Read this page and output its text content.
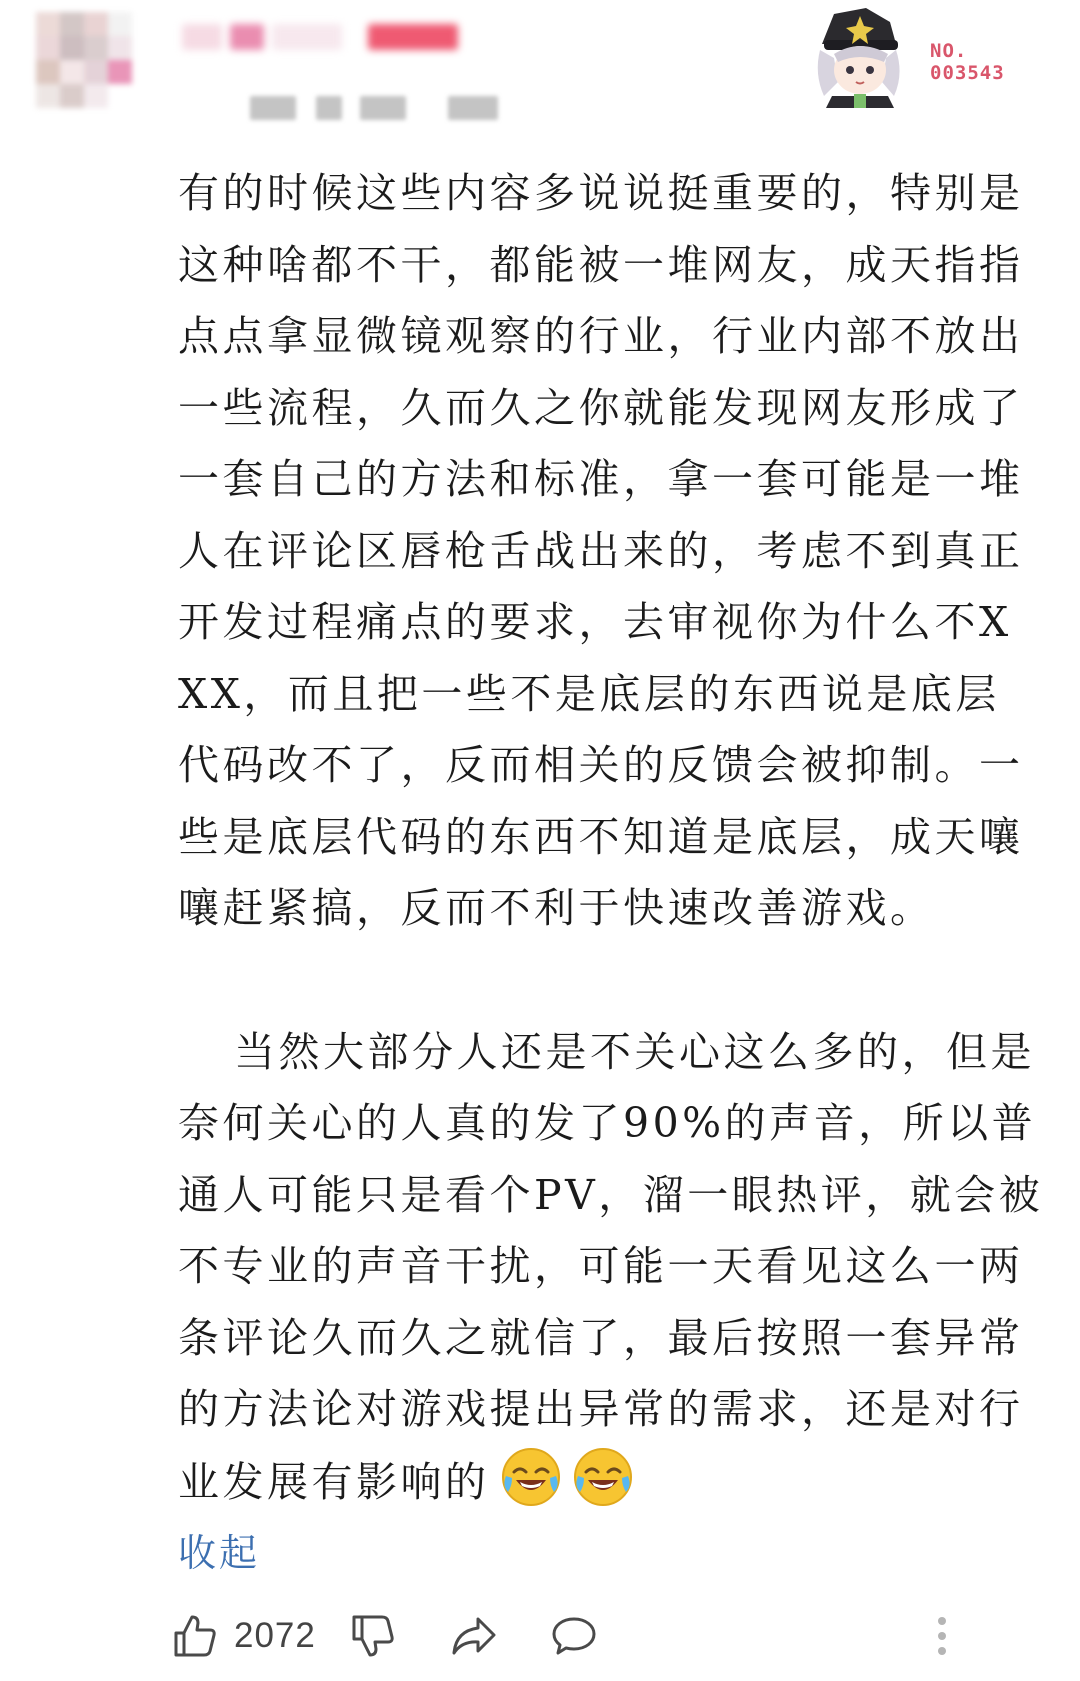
NO.
003543

有的时候这些内容多说说挺重要的，特别是这种啥都不干，都能被一堆网友，成天指指点点拿显微镜观察的行业，行业内部不放出一些流程，久而久之你就能发现网友形成了一套自己的方法和标准，拿一套可能是一堆人在评论区唇枪舌战出来的，考虑不到真正开发过程痛点的要求，去审视你为什么不XXX，而且把一些不是底层的东西说是底层代码改不了，反而相关的反馈会被抑制。一些是底层代码的东西不知道是底层，成天嚷嚷赶紧搞，反而不利于快速改善游戏。

当然大部分人还是不关心这么多的，但是奈何关心的人真的发了90%的声音，所以普通人可能只是看个PV，溜一眼热评，就会被不专业的声音干扰，可能一天看见这么一两条评论久而久之就信了，最后按照一套异常的方法论对游戏提出异常的需求，还是对行业发展有影响的

收起
2072
